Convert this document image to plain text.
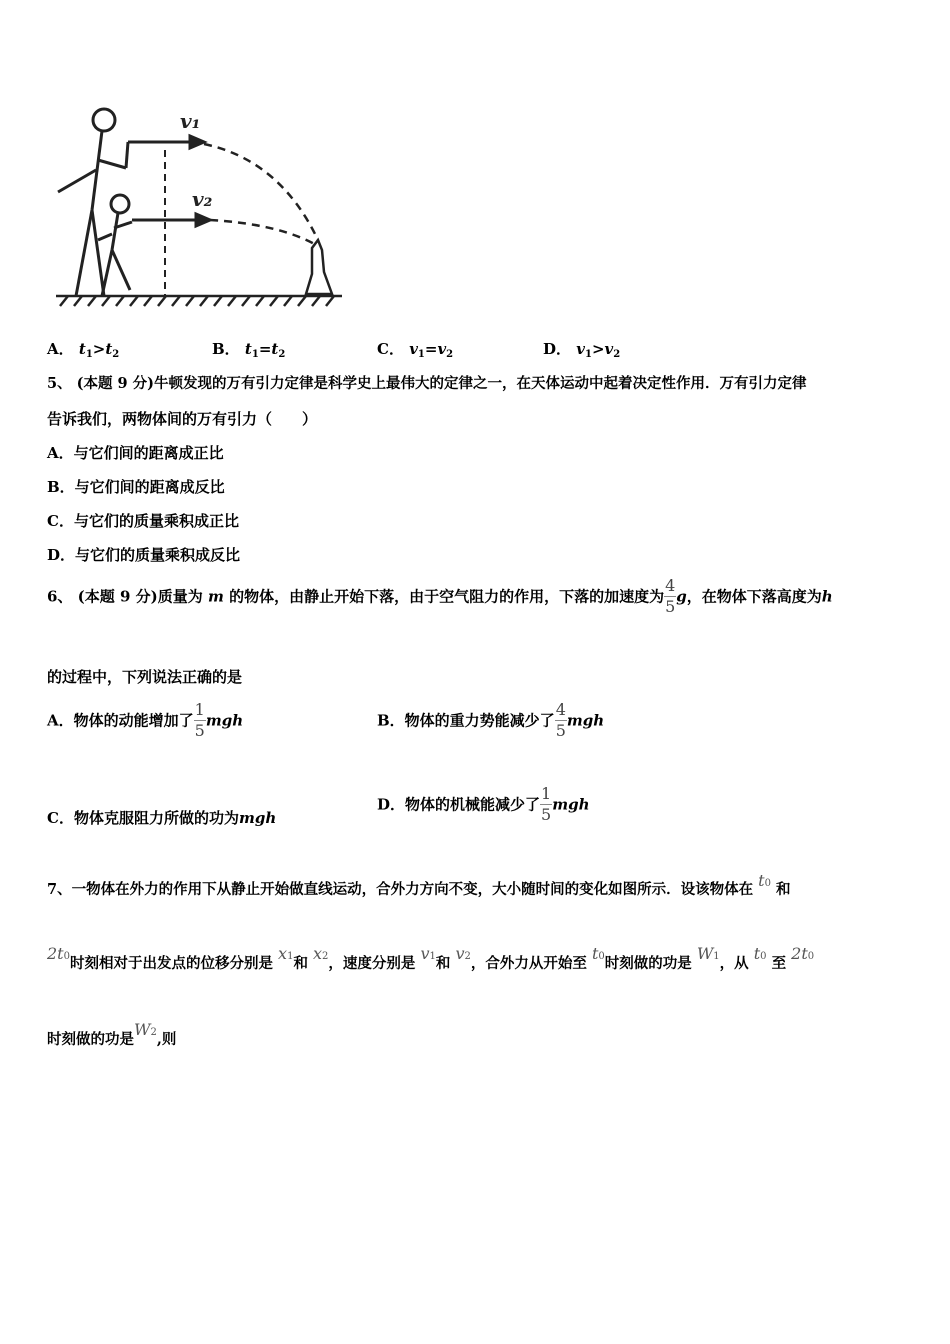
v₁
v₂
A． $t_1>t_2$	B． $t_1=t_2$	C． $v_1=v_2$	D． $v_1>v_2$
5、 (本题 9 分)牛顿发现的万有引力定律是科学史上最伟大的定律之一，在天体运动中起着决定性作用．万有引力定律
告诉我们，两物体间的万有引力（　　）
A．与它们间的距离成正比
B．与它们间的距离成反比
C．与它们的质量乘积成正比
D．与它们的质量乘积成反比
6、 (本题 9 分)质量为 m 的物体，由静止开始下落，由于空气阻力的作用，下落的加速度为 $\frac{4}{5}$ g，在物体下落高度为h
的过程中，下列说法正确的是
A．物体的动能增加了 $\frac{1}{5}$ mgh	B．物体的重力势能减少了 $\frac{4}{5}$ mgh
C．物体克服阻力所做的功为mgh
D．物体的机械能减少了 $\frac{1}{5}$ mgh
7、一物体在外力的作用下从静止开始做直线运动，合外力方向不变，大小随时间的变化如图所示．设该物体在 t0 和
2t0时刻相对于出发点的位移分别是 x1和 x2，速度分别是 v1和 v2，合外力从开始至 t0时刻做的功是 W1，从 t0 至 2t0
时刻做的功是W2,则
